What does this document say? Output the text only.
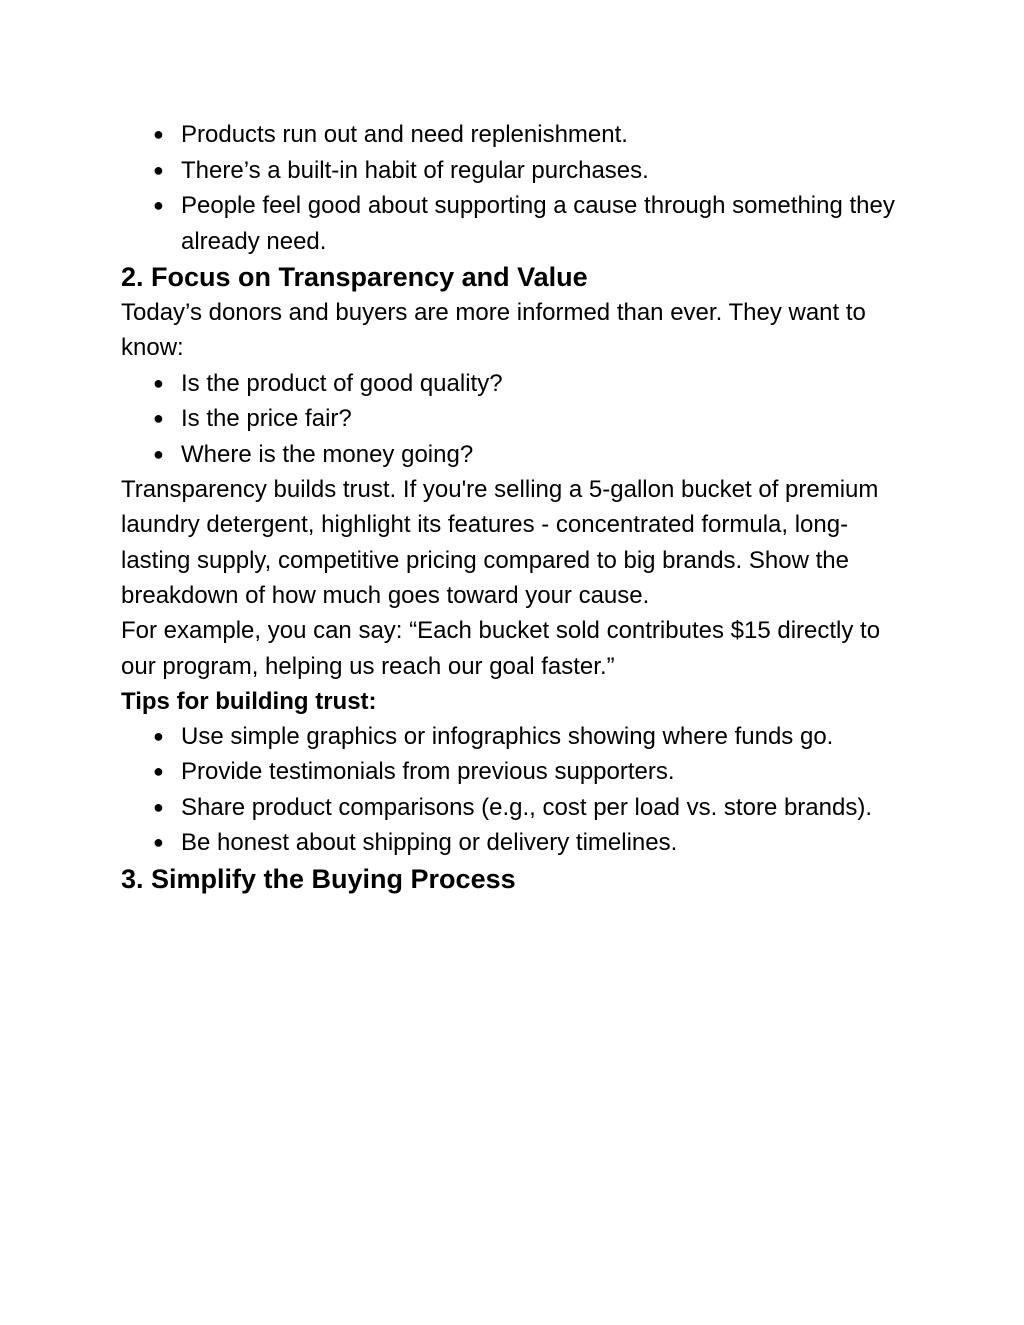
● Products run out and need replenishment.
● There’s a built-in habit of regular purchases.
● People feel good about supporting a cause through something they already need.
2. Focus on Transparency and Value

Today’s donors and buyers are more informed than ever. They want to know:

● Is the product of good quality?
● Is the price fair?
● Where is the money going?

Transparency builds trust. If you're selling a 5-gallon bucket of premium laundry detergent, highlight its features - concentrated formula, long-lasting supply, competitive pricing compared to big brands. Show the breakdown of how much goes toward your cause.

For example, you can say: “Each bucket sold contributes $15 directly to our program, helping us reach our goal faster.”

Tips for building trust:

● Use simple graphics or infographics showing where funds go.
● Provide testimonials from previous supporters.
● Share product comparisons (e.g., cost per load vs. store brands).
● Be honest about shipping or delivery timelines.
3. Simplify the Buying Process
